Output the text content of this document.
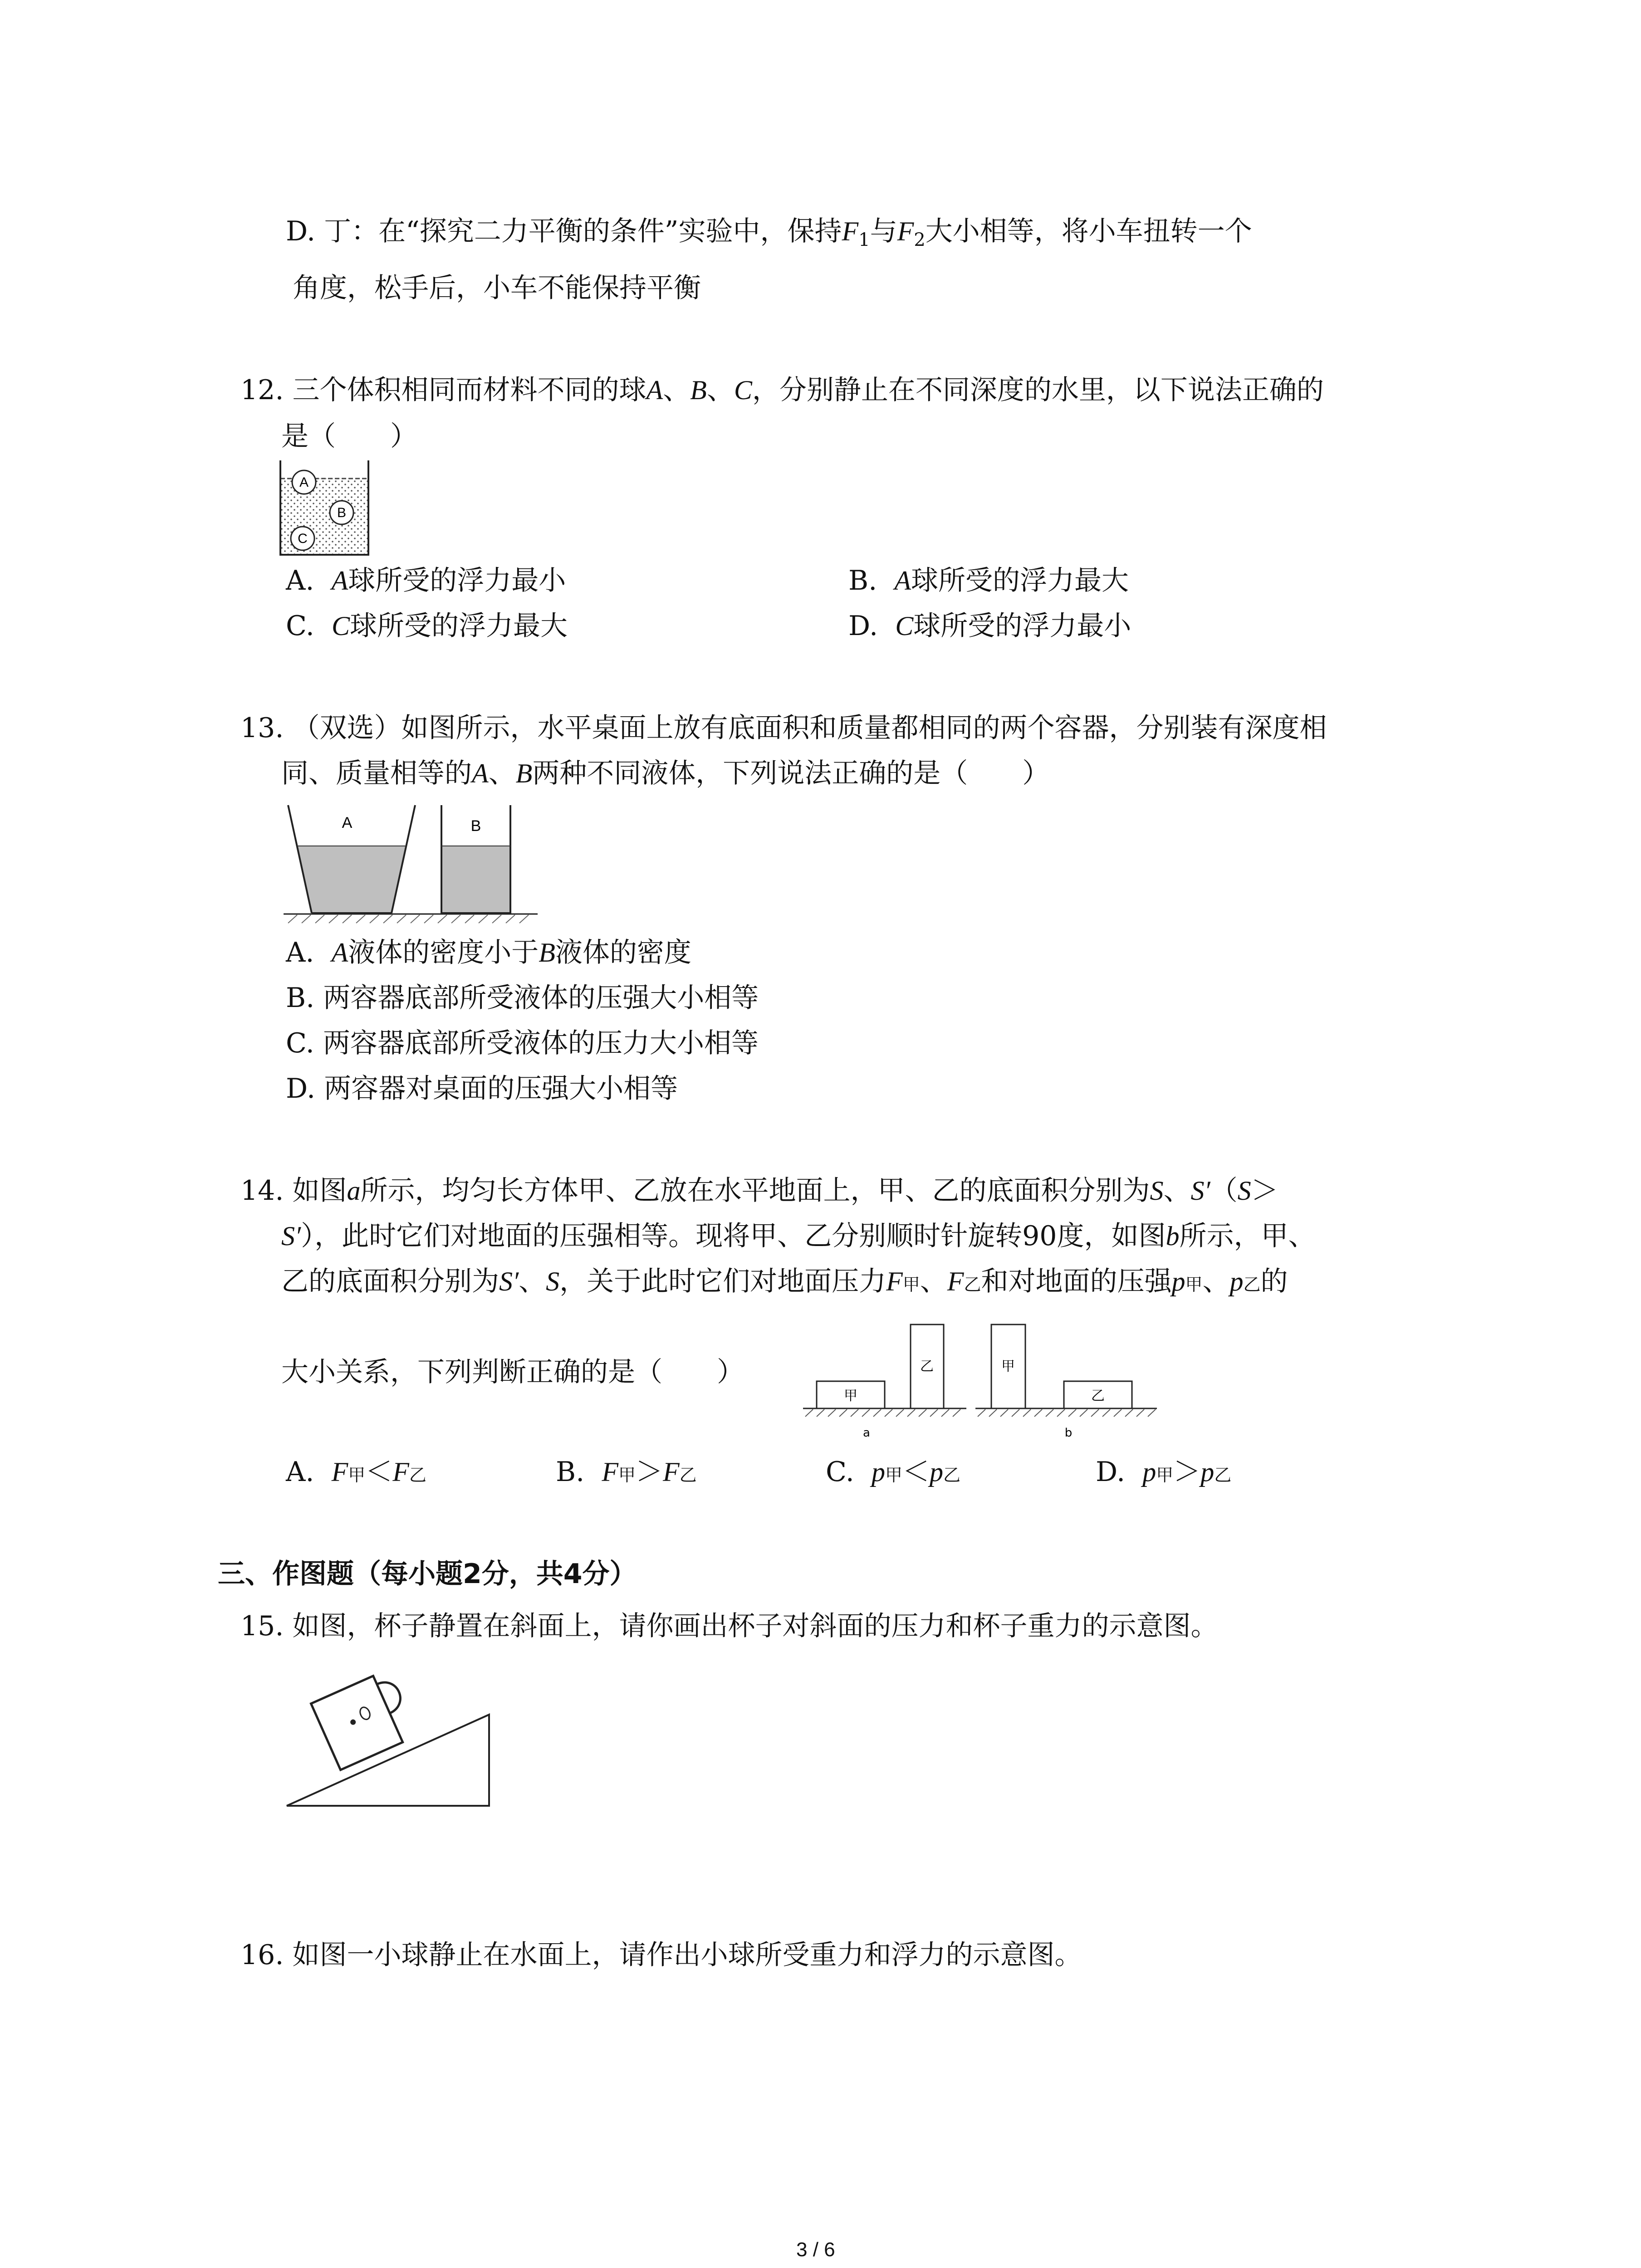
D. 丁：在“探究二力平衡的条件”实验中，保持$F_1$与$F_2$大小相等，将小车扭转一个
角度，松手后，小车不能保持平衡
12. 三个体积相同而材料不同的球A、B、C，分别静止在不同深度的水里，以下说法正确的
是（　　）
A
B
C
A. A球所受的浮力最小	B. A球所受的浮力最大
C. C球所受的浮力最大	D. C球所受的浮力最小
13. （双选）如图所示，水平桌面上放有底面积和质量都相同的两个容器，分别装有深度相
同、质量相等的A、B两种不同液体，下列说法正确的是（　　）
A	B
A. A液体的密度小于B液体的密度
B. 两容器底部所受液体的压强大小相等
C. 两容器底部所受液体的压力大小相等
D. 两容器对桌面的压强大小相等
14. 如图a所示，均匀长方体甲、乙放在水平地面上，甲、乙的底面积分别为S、S′（S＞
S′），此时它们对地面的压强相等。现将甲、乙分别顺时针旋转90度，如图b所示，甲、
乙的底面积分别为S′、S，关于此时它们对地面压力F甲、F乙和对地面的压强p甲、p乙的
大小关系，下列判断正确的是（　　）
甲
乙
a
甲
乙
b
A. F甲＜F乙	B. F甲＞F乙	C. p甲＜p乙	D. p甲＞p乙
三、作图题（每小题2分，共4分）
15. 如图，杯子静置在斜面上，请你画出杯子对斜面的压力和杯子重力的示意图。
16. 如图一小球静止在水面上，请作出小球所受重力和浮力的示意图。
3 / 6
